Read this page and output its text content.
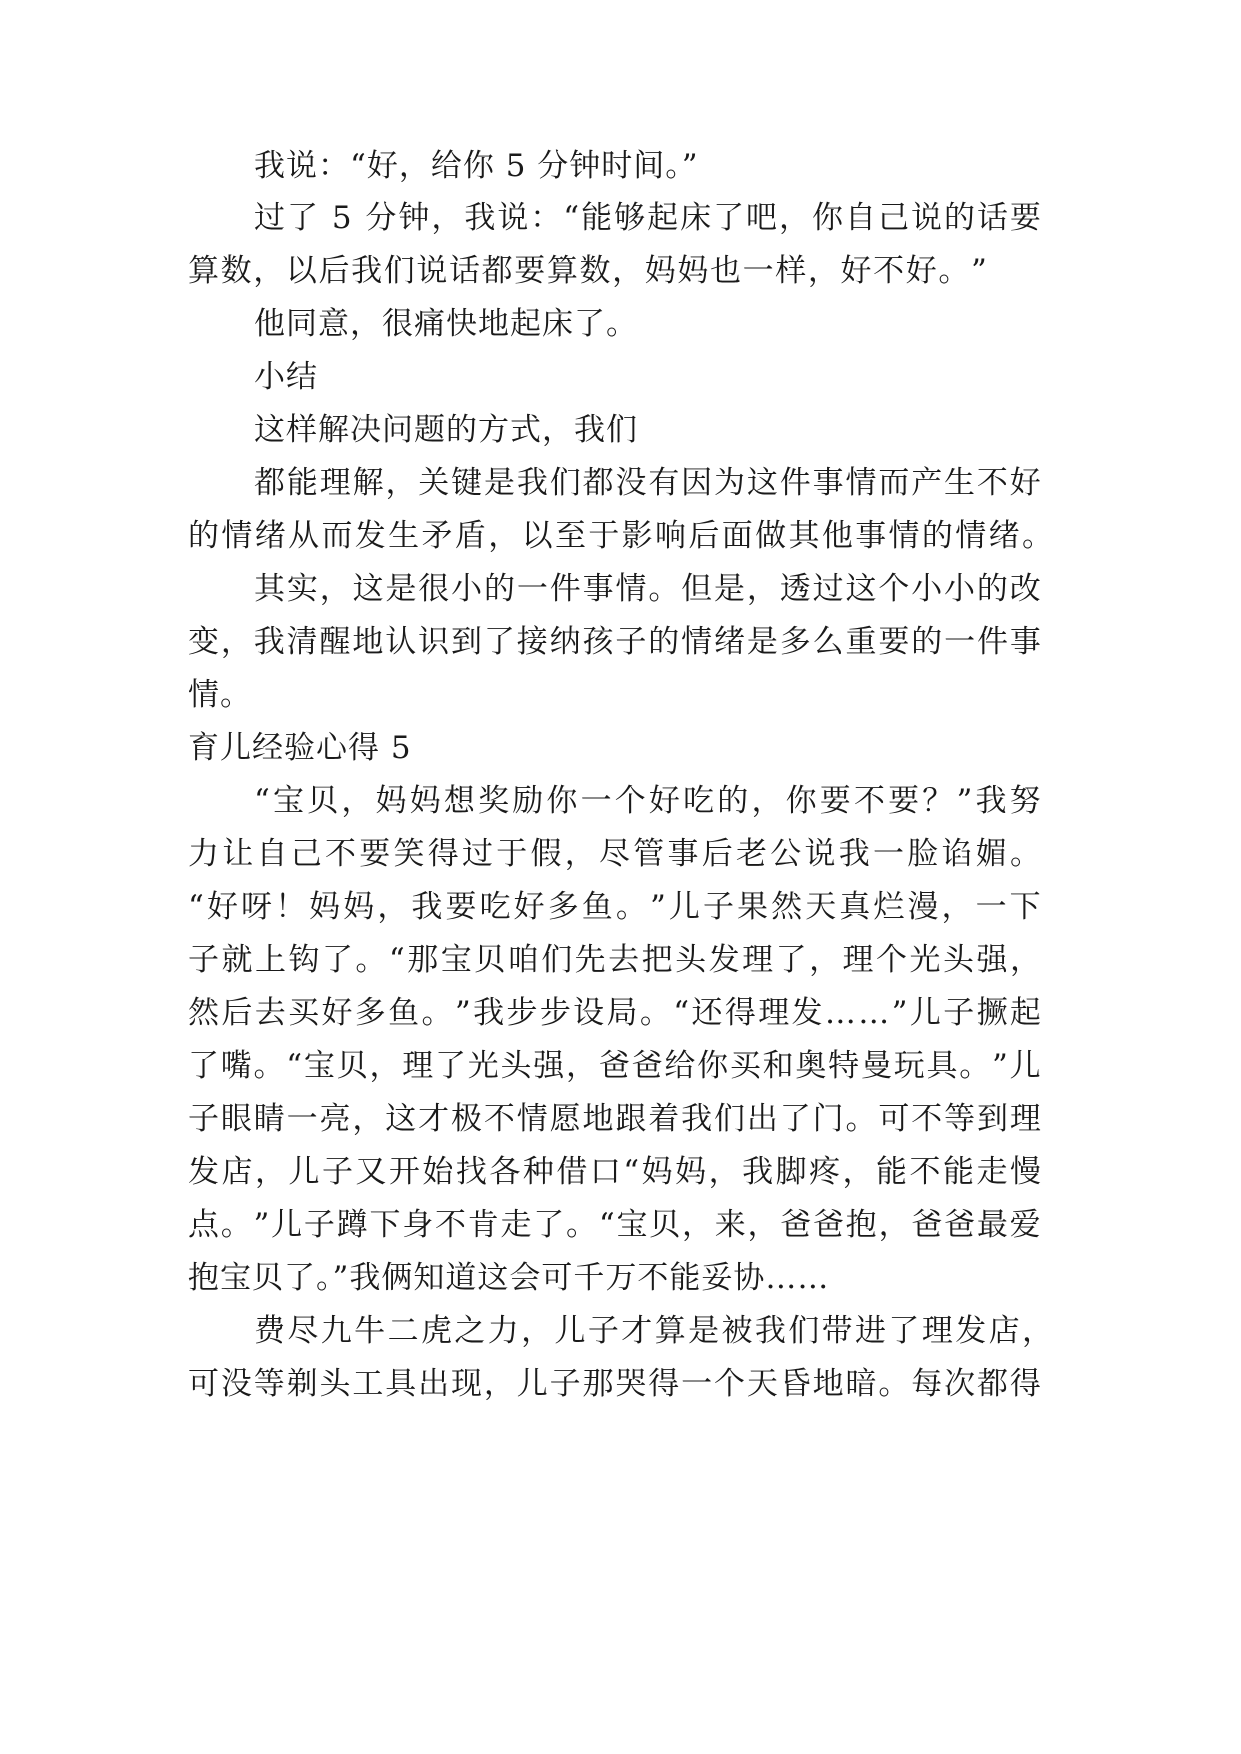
我说：“好，给你 5 分钟时间。”
过 了
5
分 钟 ， 我 说 ： “ 能 够 起 床 了 吧 ， 你 自 己 说 的 话 要
算 数 ， 以 后 我 们 说 话 都 要 算 数 ， 妈 妈 也 一 样 ， 好 不 好 。 ”
他同意，很痛快地起床了。
小结
这样解决问题的方式，我们
都 能 理 解 ， 关 键 是 我 们 都 没 有 因 为 这 件 事 情 而 产 生 不 好
的 情 绪 从 而 发 生 矛 盾 ， 以 至 于 影 响 后 面 做 其 他 事 情 的 情 绪 。
其 实 ， 这 是 很 小 的 一 件 事 情 。 但 是 ， 透 过 这 个 小 小 的 改
变 ， 我 清 醒 地 认 识 到 了 接 纳 孩 子 的 情 绪 是 多 么 重 要 的 一 件 事
情。
育儿经验心得 5
“ 宝 贝 ， 妈 妈 想 奖 励 你 一 个 好 吃 的 ， 你 要 不 要 ？ ” 我 努
力 让 自 己 不 要 笑 得 过 于 假 ， 尽 管 事 后 老 公 说 我 一 脸 谄 媚 。
“ 好 呀 ！ 妈 妈 ， 我 要 吃 好 多 鱼 。 ” 儿 子 果 然 天 真 烂 漫 ， 一 下
子 就 上 钩 了 。 “ 那 宝 贝 咱 们 先 去 把 头 发 理 了 ， 理 个 光 头 强 ，
然 后 去 买 好 多 鱼 。 ” 我 步 步 设 局 。 “ 还 得 理 发 … … ” 儿 子 撅 起
了 嘴 。 “ 宝 贝 ， 理 了 光 头 强 ， 爸 爸 给 你 买 和 奥 特 曼 玩 具 。 ” 儿
子 眼 睛 一 亮 ， 这 才 极 不 情 愿 地 跟 着 我 们 出 了 门 。 可 不 等 到 理
发 店 ， 儿 子 又 开 始 找 各 种 借 口 “ 妈 妈 ， 我 脚 疼 ， 能 不 能 走 慢
点 。 ” 儿 子 蹲 下 身 不 肯 走 了 。 “ 宝 贝 ， 来 ， 爸 爸 抱 ， 爸 爸 最 爱
抱宝贝了。”我俩知道这会可千万不能妥协……
费 尽 九 牛 二 虎 之 力 ， 儿 子 才 算 是 被 我 们 带 进 了 理 发 店 ，
可 没 等 剃 头 工 具 出 现 ， 儿 子 那 哭 得 一 个 天 昏 地 暗 。 每 次 都 得
